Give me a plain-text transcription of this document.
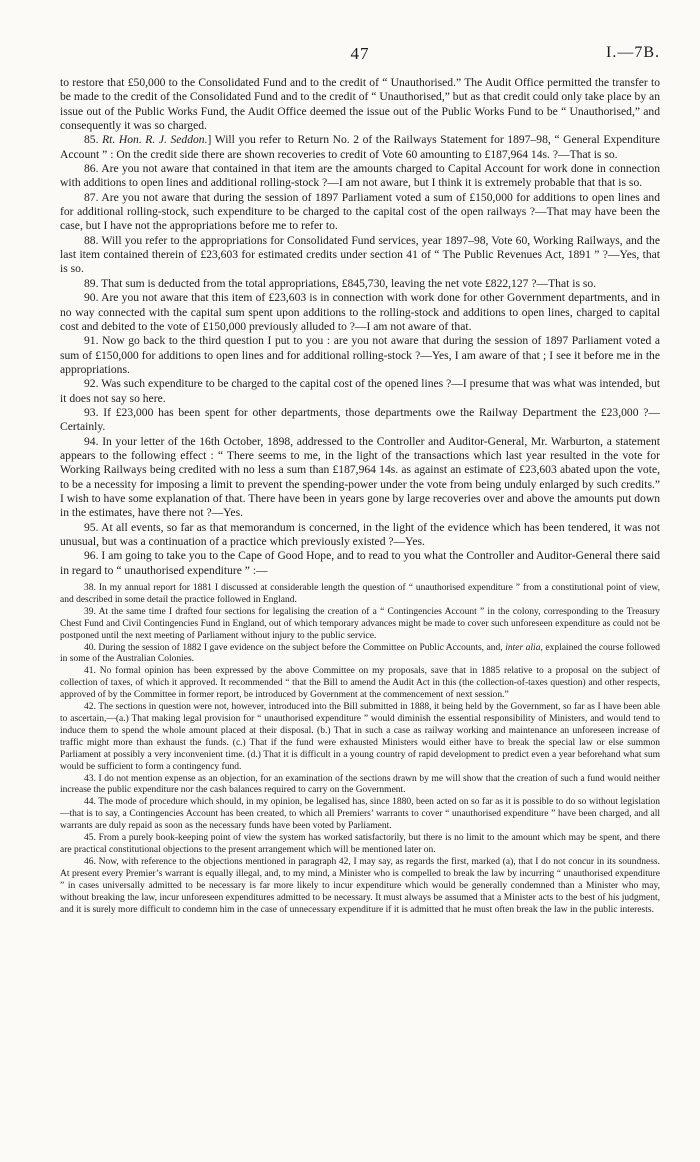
47	I.—7B.

to restore that £50,000 to the Consolidated Fund and to the credit of “ Unauthorised.” The Audit Office permitted the transfer to be made to the credit of the Consolidated Fund and to the credit of “ Unauthorised,” but as that credit could only take place by an issue out of the Public Works Fund, the Audit Office deemed the issue out of the Public Works Fund to be “ Unauthorised,” and consequently it was so charged.

85. Rt. Hon. R. J. Seddon.] Will you refer to Return No. 2 of the Railways Statement for 1897–98, “ General Expenditure Account ” : On the credit side there are shown recoveries to credit of Vote 60 amounting to £187,964 14s. ?—That is so.

86. Are you not aware that contained in that item are the amounts charged to Capital Account for work done in connection with additions to open lines and additional rolling-stock ?—I am not aware, but I think it is extremely probable that that is so.

87. Are you not aware that during the session of 1897 Parliament voted a sum of £150,000 for additions to open lines and for additional rolling-stock, such expenditure to be charged to the capital cost of the open railways ?—That may have been the case, but I have not the appropriations before me to refer to.

88. Will you refer to the appropriations for Consolidated Fund services, year 1897–98, Vote 60, Working Railways, and the last item contained therein of £23,603 for estimated credits under section 41 of “ The Public Revenues Act, 1891 ” ?—Yes, that is so.

89. That sum is deducted from the total appropriations, £845,730, leaving the net vote £822,127 ?—That is so.

90. Are you not aware that this item of £23,603 is in connection with work done for other Government departments, and in no way connected with the capital sum spent upon additions to the rolling-stock and additions to open lines, charged to capital cost and debited to the vote of £150,000 previously alluded to ?—I am not aware of that.

91. Now go back to the third question I put to you : are you not aware that during the session of 1897 Parliament voted a sum of £150,000 for additions to open lines and for additional rolling-stock ?—Yes, I am aware of that ; I see it before me in the appropriations.

92. Was such expenditure to be charged to the capital cost of the opened lines ?—I presume that was what was intended, but it does not say so here.

93. If £23,000 has been spent for other departments, those departments owe the Railway Department the £23,000 ?—Certainly.

94. In your letter of the 16th October, 1898, addressed to the Controller and Auditor-General, Mr. Warburton, a statement appears to the following effect : “ There seems to me, in the light of the transactions which last year resulted in the vote for Working Railways being credited with no less a sum than £187,964 14s. as against an estimate of £23,603 abated upon the vote, to be a necessity for imposing a limit to prevent the spending-power under the vote from being unduly enlarged by such credits.” I wish to have some explanation of that. There have been in years gone by large recoveries over and above the amounts put down in the estimates, have there not ?—Yes.

95. At all events, so far as that memorandum is concerned, in the light of the evidence which has been tendered, it was not unusual, but was a continuation of a practice which previously existed ?—Yes.

96. I am going to take you to the Cape of Good Hope, and to read to you what the Controller and Auditor-General there said in regard to “ unauthorised expenditure ” :—

38. In my annual report for 1881 I discussed at considerable length the question of “ unauthorised expenditure ” from a constitutional point of view, and described in some detail the practice followed in England.

39. At the same time I drafted four sections for legalising the creation of a “ Contingencies Account ” in the colony, corresponding to the Treasury Chest Fund and Civil Contingencies Fund in England, out of which temporary advances might be made to cover such unforeseen expenditure as could not be postponed until the next meeting of Parliament without injury to the public service.

40. During the session of 1882 I gave evidence on the subject before the Committee on Public Accounts, and, inter alia, explained the course followed in some of the Australian Colonies.

41. No formal opinion has been expressed by the above Committee on my proposals, save that in 1885 relative to a proposal on the subject of collection of taxes, of which it approved. It recommended “ that the Bill to amend the Audit Act in this (the collection-of-taxes question) and other respects, approved of by the Committee in former report, be introduced by Government at the commencement of next session.”

42. The sections in question were not, however, introduced into the Bill submitted in 1888, it being held by the Government, so far as I have been able to ascertain,—(a.) That making legal provision for “ unauthorised expenditure ” would diminish the essential responsibility of Ministers, and would tend to induce them to spend the whole amount placed at their disposal. (b.) That in such a case as railway working and maintenance an unforeseen increase of traffic might more than exhaust the funds. (c.) That if the fund were exhausted Ministers would either have to break the special law or else summon Parliament at possibly a very inconvenient time. (d.) That it is difficult in a young country of rapid development to predict even a year beforehand what sum would be sufficient to form a contingency fund.

43. I do not mention expense as an objection, for an examination of the sections drawn by me will show that the creation of such a fund would neither increase the public expenditure nor the cash balances required to carry on the Government.

44. The mode of procedure which should, in my opinion, be legalised has, since 1880, been acted on so far as it is possible to do so without legislation—that is to say, a Contingencies Account has been created, to which all Premiers’ warrants to cover “ unauthorised expenditure ” have been charged, and all warrants are duly repaid as soon as the necessary funds have been voted by Parliament.

45. From a purely book-keeping point of view the system has worked satisfactorily, but there is no limit to the amount which may be spent, and there are practical constitutional objections to the present arrangement which will be mentioned later on.

46. Now, with reference to the objections mentioned in paragraph 42, I may say, as regards the first, marked (a), that I do not concur in its soundness. At present every Premier’s warrant is equally illegal, and, to my mind, a Minister who is compelled to break the law by incurring “ unauthorised expenditure ” in cases universally admitted to be necessary is far more likely to incur expenditure which would be generally condemned than a Minister who may, without breaking the law, incur unforeseen expenditures admitted to be necessary. It must always be assumed that a Minister acts to the best of his judgment, and it is surely more difficult to condemn him in the case of unnecessary expenditure if it is admitted that he must often break the law in the public interests.
